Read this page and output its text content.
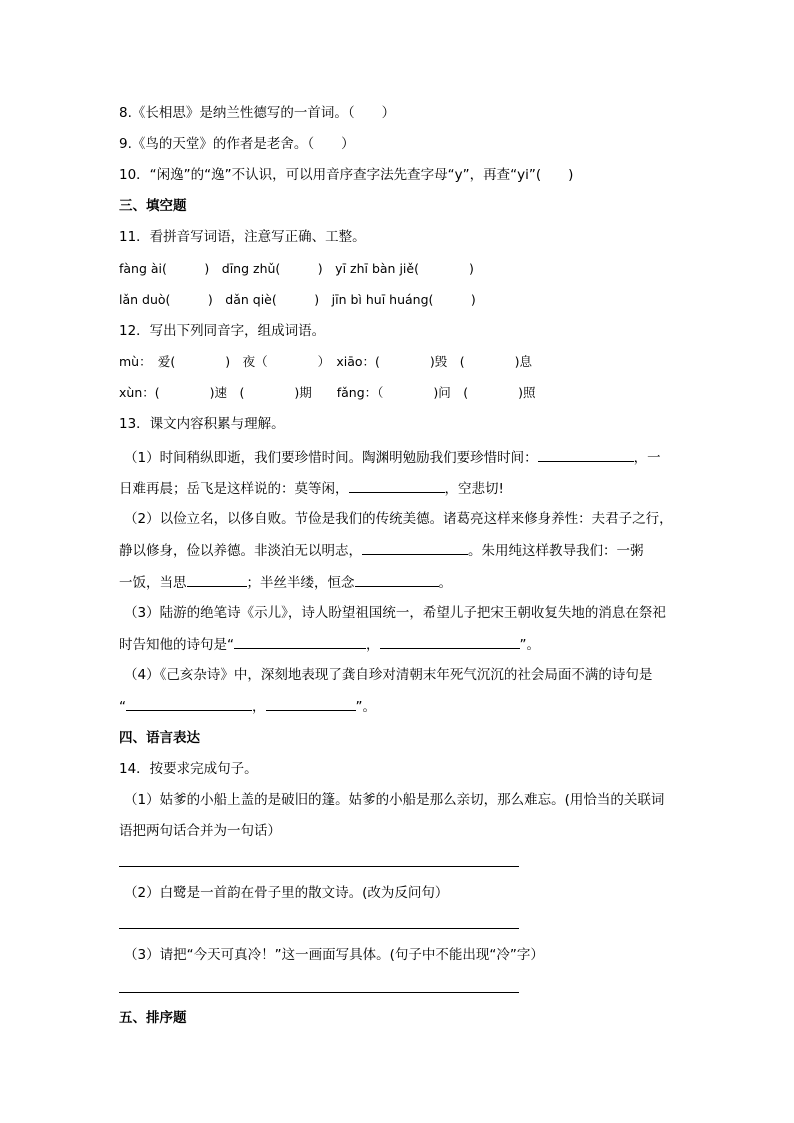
8.《长相思》是纳兰性德写的一首词。（　　）
9.《鸟的天堂》的作者是老舍。（　　）
10．“闲逸”的“逸”不认识，可以用音序查字法先查字母“y”，再查“yi”(　　)
三、填空题
11．看拼音写词语，注意写正确、工整。
fàng ài(　　　)　dīng zhǔ(　　　)　yī zhī bàn jiě(　　　　)
lǎn duò(　　　)　dǎn qiè(　　　)　jīn bì huī huáng(　　　)
12．写出下列同音字，组成词语。
mù：　爱(　　　　)　夜（　　　　）　xiāo：(　　　　)毁　(　　　　)息
xùn：(　　　　)速　(　　　　)期　　fǎng：（　　　　)问　(　　　　)照
13．课文内容积累与理解。
（1）时间稍纵即逝，我们要珍惜时间。陶渊明勉励我们要珍惜时间：	，一
日难再晨；岳飞是这样说的：莫等闲，	，空悲切!
（2）以俭立名，以侈自败。节俭是我们的传统美德。诸葛亮这样来修身养性：夫君子之行，
静以修身，俭以养德。非淡泊无以明志，	。朱用纯这样教导我们：一粥
一饭，当思	；半丝半缕，恒念	。
（3）陆游的绝笔诗《示儿》，诗人盼望祖国统一，希望儿子把宋王朝收复失地的消息在祭祀
时告知他的诗句是“	，	”。
（4）《己亥杂诗》中，深刻地表现了龚自珍对清朝末年死气沉沉的社会局面不满的诗句是
“	，	”。
四、语言表达
14．按要求完成句子。
（1）姑爹的小船上盖的是破旧的篷。姑爹的小船是那么亲切，那么难忘。(用恰当的关联词
语把两句话合并为一句话）
（2）白鹭是一首韵在骨子里的散文诗。(改为反问句）
（3）请把“今天可真冷！”这一画面写具体。(句子中不能出现“冷”字）
五、排序题
